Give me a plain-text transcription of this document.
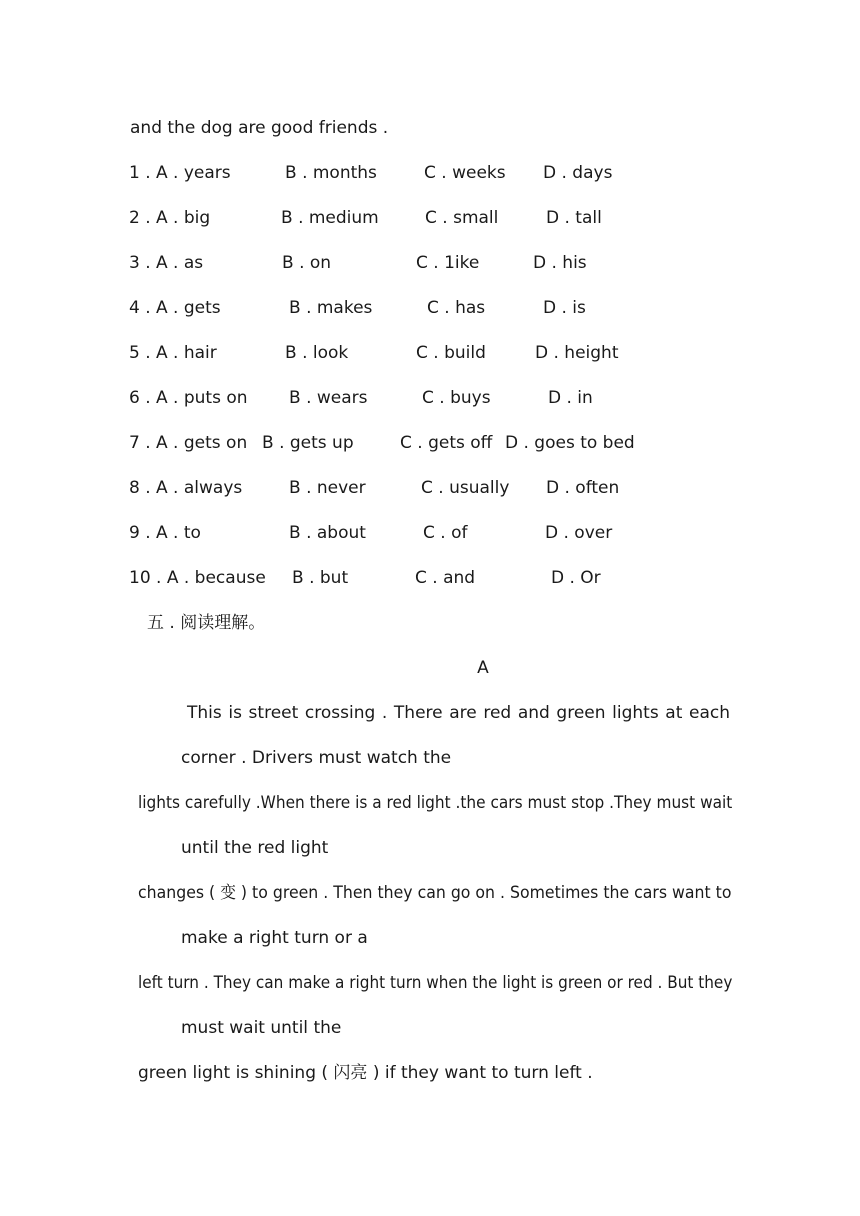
and the dog are good friends .
1 . A . years	B . months	C . weeks D . days
2 . A . big	B . medium	C . small	D . tall
3 . A . as	B . on	C . 1ike	D . his
4 . A . gets	B . makes	C . has	D . is
5 . A . hair	B . look	C . build	D . height
6 . A . puts on B . wears	C . buys	D . in
7 . A . gets on B . gets up	C . gets off D . goes to bed
8 . A . always	B . never	C . usually D . often
9 . A . to	B . about	C . of	D . over
10 . A . because B . but	C . and	D . Or
五 . 阅读理解。
A
This is street crossing . There are red and green lights at each
corner . Drivers must watch the
lights carefully .When there is a red light .the cars must stop .They must wait
until the red light
changes ( 变 ) to green . Then they can go on . Sometimes the cars want to
make a right turn or a
left turn . They can make a right turn when the light is green or red . But they
must wait until the
green light is shining ( 闪亮 ) if they want to turn left .
